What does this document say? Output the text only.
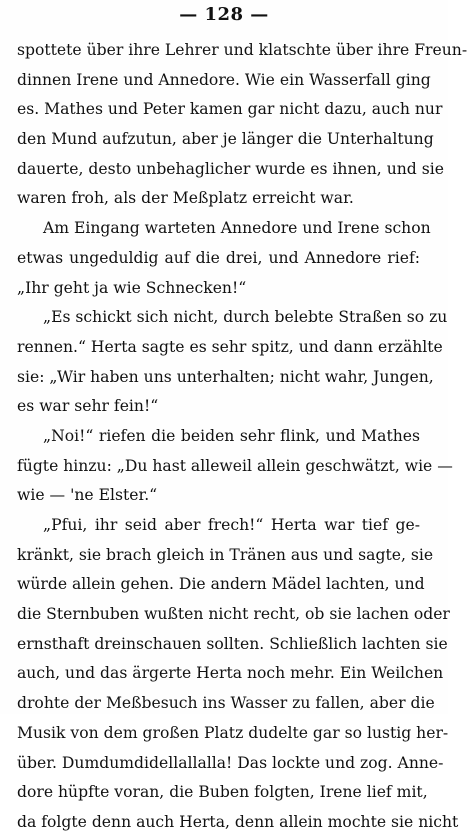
— 128 —
spottete über ihre Lehrer und klatschte über ihre Freun-
dinnen Irene und Annedore. Wie ein Wasserfall ging
es. Mathes und Peter kamen gar nicht dazu, auch nur
den Mund aufzutun, aber je länger die Unterhaltung
dauerte, desto unbehaglicher wurde es ihnen, und sie
waren froh, als der Meßplatz erreicht war.
Am Eingang warteten Annedore und Irene schon
etwas ungeduldig auf die drei, und Annedore rief:
„Ihr geht ja wie Schnecken!“
„Es schickt sich nicht, durch belebte Straßen so zu
rennen.“ Herta sagte es sehr spitz, und dann erzählte
sie: „Wir haben uns unterhalten; nicht wahr, Jungen,
es war sehr fein!“
„Noi!“ riefen die beiden sehr flink, und Mathes
fügte hinzu: „Du hast alleweil allein geschwätzt, wie —
wie — 'ne Elster.“
„Pfui, ihr seid aber frech!“ Herta war tief ge-
kränkt, sie brach gleich in Tränen aus und sagte, sie
würde allein gehen. Die andern Mädel lachten, und
die Sternbuben wußten nicht recht, ob sie lachen oder
ernsthaft dreinschauen sollten. Schließlich lachten sie
auch, und das ärgerte Herta noch mehr. Ein Weilchen
drohte der Meßbesuch ins Wasser zu fallen, aber die
Musik von dem großen Platz dudelte gar so lustig her-
über. Dumdumdidellallalla! Das lockte und zog. Anne-
dore hüpfte voran, die Buben folgten, Irene lief mit,
da folgte denn auch Herta, denn allein mochte sie nicht
